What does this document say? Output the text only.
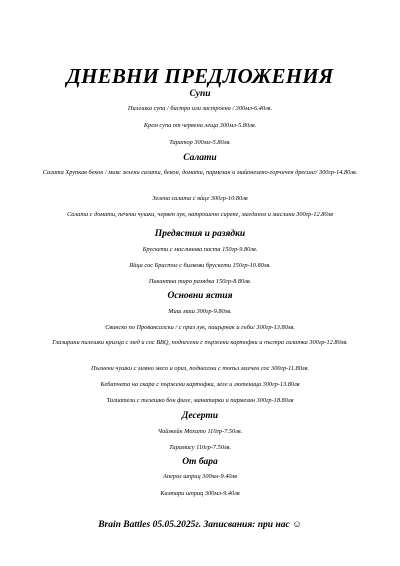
ДНЕВНИ ПРЕДЛОЖЕНИЯ
Супи
Пилешка супа / бистра или застроена / 300мл-6.40лв.
Крем супа от червена леща 300мл-5.80лв.
Таратор 300мл-5.80лв.
Салати
Салата Хрупкав бекон / микс зелени салати, бекон, домати, пармезан и майонезено-горчичен дресинг/ 300гр-14.80лв.
Зелена салата с яйце 300гр-10.80лв
Салата с домати, печени чушки, червен лук, натрошено сирене, магданоз и маслини 300гр-12.80лв
Предястия и разядки
Брускети с маслинова паста 150гр-9.80лв.
Яйца сос Бристол с билкови брускети 150гр-10.80лв.
Пикантна тиро разядка 150гр-8.80лв.
Основни ястия
Миш маш 300гр-9.80лв.
Свинско по Провансалски / с праз лук, пащърнак и гъби/ 300гр-13.80лв.
Глазирани пилешки крилца с мед и сос BBQ, поднесени с пържени картофки и пъстра салатка 300гр-12.80лв.
Пълнени чушки с мляно месо и ориз, поднесени с топъл млечен сос 300гр-11.80лв.
Кебапчета на скара с пържени картофки, зеле и лютеница 300гр-13.80лв
Талиатели с телешко бон филе, манатарки и пармезан 300гр-18.80лв
Десерти
Чийзкейк Мохито 110гр-7.50лв.
Тирамису 110гр-7.50лв.
От бара
Аперол шприц 300мл-9.40лв
Кампари шприц 300мл-9.40лв
Brain Battles 05.05.2025г. Записвания: при нас ☺
